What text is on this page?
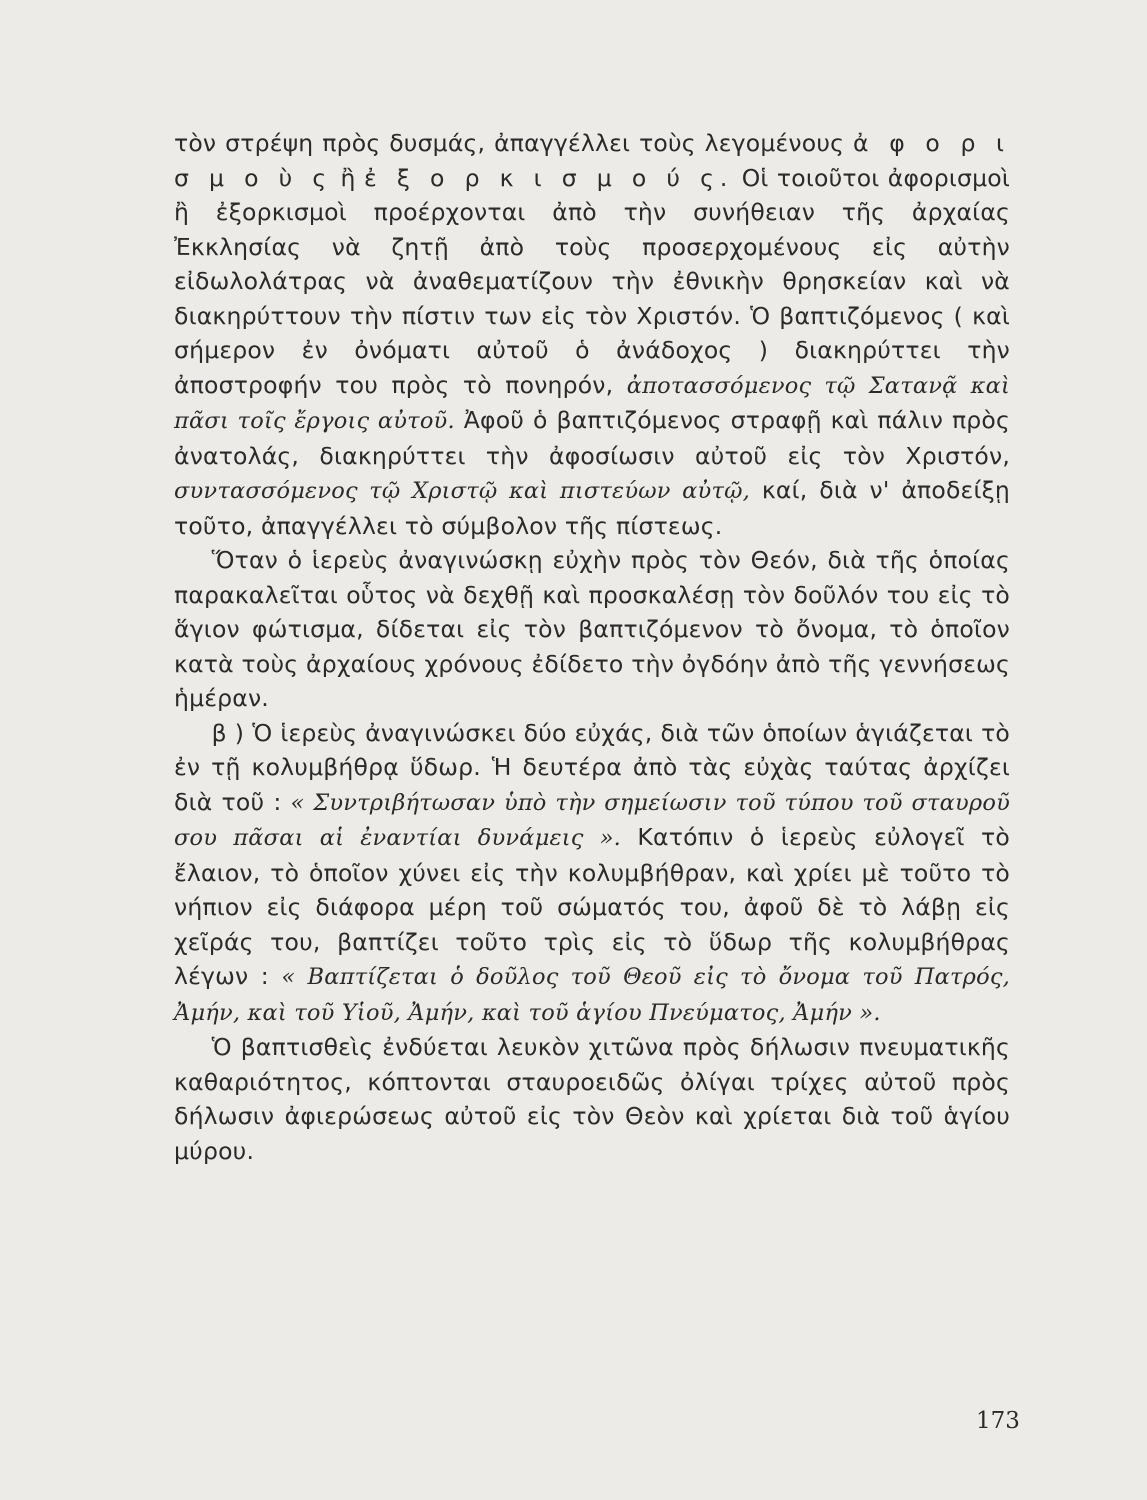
τὸν στρέψη πρὸς δυσμάς, ἀπαγγέλλει τοὺς λεγομένους ἀ φ ο ρ ι σ μ ο ὺ ς ἢ ἐ ξ ο ρ κ ι σ μ ο ύ ς. Οἱ τοιοῦτοι ἀφορισμοὶ ἢ ἐξορκισμοὶ προέρχονται ἀπὸ τὴν συνήθειαν τῆς ἀρχαίας Ἐκκλησίας νὰ ζητῇ ἀπὸ τοὺς προσερχομένους εἰς αὐτὴν εἰδωλολάτρας νὰ ἀναθεματίζουν τὴν ἐθνικὴν θρησκείαν καὶ νὰ διακηρύττουν τὴν πίστιν των εἰς τὸν Χριστόν. Ὁ βαπτιζόμενος ( καὶ σήμερον ἐν ὀνόματι αὐτοῦ ὁ ἀνάδοχος ) διακηρύττει τὴν ἀποστροφήν του πρὸς τὸ πονηρόν, ἀποτασσόμενος τῷ Σατανᾷ καὶ πᾶσι τοῖς ἔργοις αὐτοῦ. Ἀφοῦ ὁ βαπτιζόμενος στραφῇ καὶ πάλιν πρὸς ἀνατολάς, διακηρύττει τὴν ἀφοσίωσιν αὐτοῦ εἰς τὸν Χριστόν, συντασσόμενος τῷ Χριστῷ καὶ πιστεύων αὐτῷ, καί, διὰ ν' ἀποδείξῃ τοῦτο, ἀπαγγέλλει τὸ σύμβολον τῆς πίστεως.

Ὅταν ὁ ἱερεὺς ἀναγινώσκῃ εὐχὴν πρὸς τὸν Θεόν, διὰ τῆς ὁποίας παρακαλεῖται οὗτος νὰ δεχθῇ καὶ προσκαλέσῃ τὸν δοῦλόν του εἰς τὸ ἅγιον φώτισμα, δίδεται εἰς τὸν βαπτιζόμενον τὸ ὄνομα, τὸ ὁποῖον κατὰ τοὺς ἀρχαίους χρόνους ἐδίδετο τὴν ὀγδόην ἀπὸ τῆς γεννήσεως ἡμέραν.

β ) Ὁ ἱερεὺς ἀναγινώσκει δύο εὐχάς, διὰ τῶν ὁποίων ἁγιάζεται τὸ ἐν τῇ κολυμβήθρᾳ ὕδωρ. Ἡ δευτέρα ἀπὸ τὰς εὐχὰς ταύτας ἀρχίζει διὰ τοῦ : « Συντριβήτωσαν ὑπὸ τὴν σημείωσιν τοῦ τύπου τοῦ σταυροῦ σου πᾶσαι αἱ ἐναντίαι δυνάμεις ». Κατόπιν ὁ ἱερεὺς εὐλογεῖ τὸ ἔλαιον, τὸ ὁποῖον χύνει εἰς τὴν κολυμβήθραν, καὶ χρίει μὲ τοῦτο τὸ νήπιον εἰς διάφορα μέρη τοῦ σώματός του, ἀφοῦ δὲ τὸ λάβῃ εἰς χεῖράς του, βαπτίζει τοῦτο τρὶς εἰς τὸ ὕδωρ τῆς κολυμβήθρας λέγων : « Βαπτίζεται ὁ δοῦλος τοῦ Θεοῦ εἰς τὸ ὄνομα τοῦ Πατρός, Ἀμήν, καὶ τοῦ Υἱοῦ, Ἀμήν, καὶ τοῦ ἁγίου Πνεύματος, Ἀμήν ».

Ὁ βαπτισθεὶς ἐνδύεται λευκὸν χιτῶνα πρὸς δήλωσιν πνευματικῆς καθαριότητος, κόπτονται σταυροειδῶς ὀλίγαι τρίχες αὐτοῦ πρὸς δήλωσιν ἀφιερώσεως αὐτοῦ εἰς τὸν Θεὸν καὶ χρίεται διὰ τοῦ ἁγίου μύρου.

173
